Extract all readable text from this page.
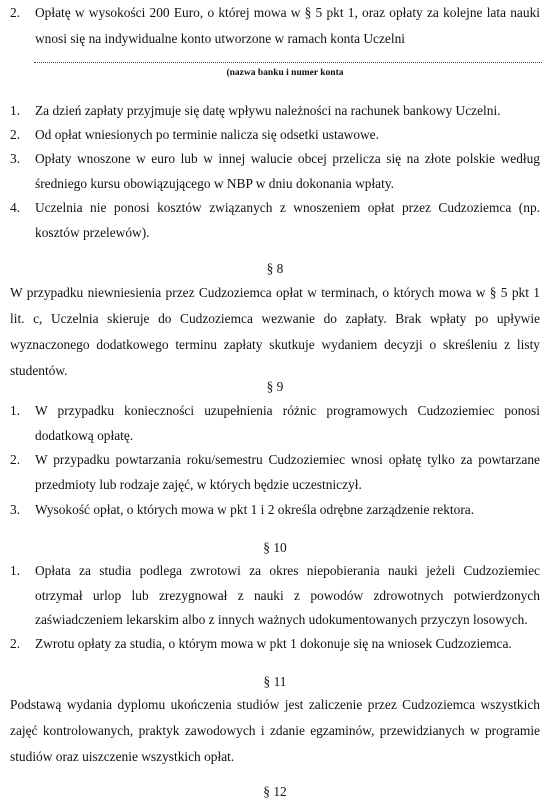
2. Opłatę w wysokości 200 Euro, o której mowa w § 5 pkt 1, oraz opłaty za kolejne lata nauki wnosi się na indywidualne konto utworzone w ramach konta Uczelni
(nazwa banku i numer konta
1. Za dzień zapłaty przyjmuje się datę wpływu należności na rachunek bankowy Uczelni.
2. Od opłat wniesionych po terminie nalicza się odsetki ustawowe.
3. Opłaty wnoszone w euro lub w innej walucie obcej przelicza się na złote polskie według średniego kursu obowiązującego w NBP w dniu dokonania wpłaty.
4. Uczelnia nie ponosi kosztów związanych z wnoszeniem opłat przez Cudzoziemca (np. kosztów przelewów).
§ 8
W przypadku niewniesienia przez Cudzoziemca opłat w terminach, o których mowa w § 5 pkt 1 lit. c, Uczelnia skieruje do Cudzoziemca wezwanie do zapłaty. Brak wpłaty po upływie wyznaczonego dodatkowego terminu zapłaty skutkuje wydaniem decyzji o skreśleniu z listy studentów.
§ 9
1. W przypadku konieczności uzupełnienia różnic programowych Cudzoziemiec ponosi dodatkową opłatę.
2. W przypadku powtarzania roku/semestru Cudzoziemiec wnosi opłatę tylko za powtarzane przedmioty lub rodzaje zajęć, w których będzie uczestniczył.
3. Wysokość opłat, o których mowa w pkt 1 i 2 określa odrębne zarządzenie rektora.
§ 10
1. Opłata za studia podlega zwrotowi za okres niepobierania nauki jeżeli Cudzoziemiec otrzymał urlop lub zrezygnował z nauki z powodów zdrowotnych potwierdzonych zaświadczeniem lekarskim albo z innych ważnych udokumentowanych przyczyn losowych.
2. Zwrotu opłaty za studia, o którym mowa w pkt 1 dokonuje się na wniosek Cudzoziemca.
§ 11
Podstawą wydania dyplomu ukończenia studiów jest zaliczenie przez Cudzoziemca wszystkich zajęć kontrolowanych, praktyk zawodowych i zdanie egzaminów, przewidzianych w programie studiów oraz uiszczenie wszystkich opłat.
§ 12
